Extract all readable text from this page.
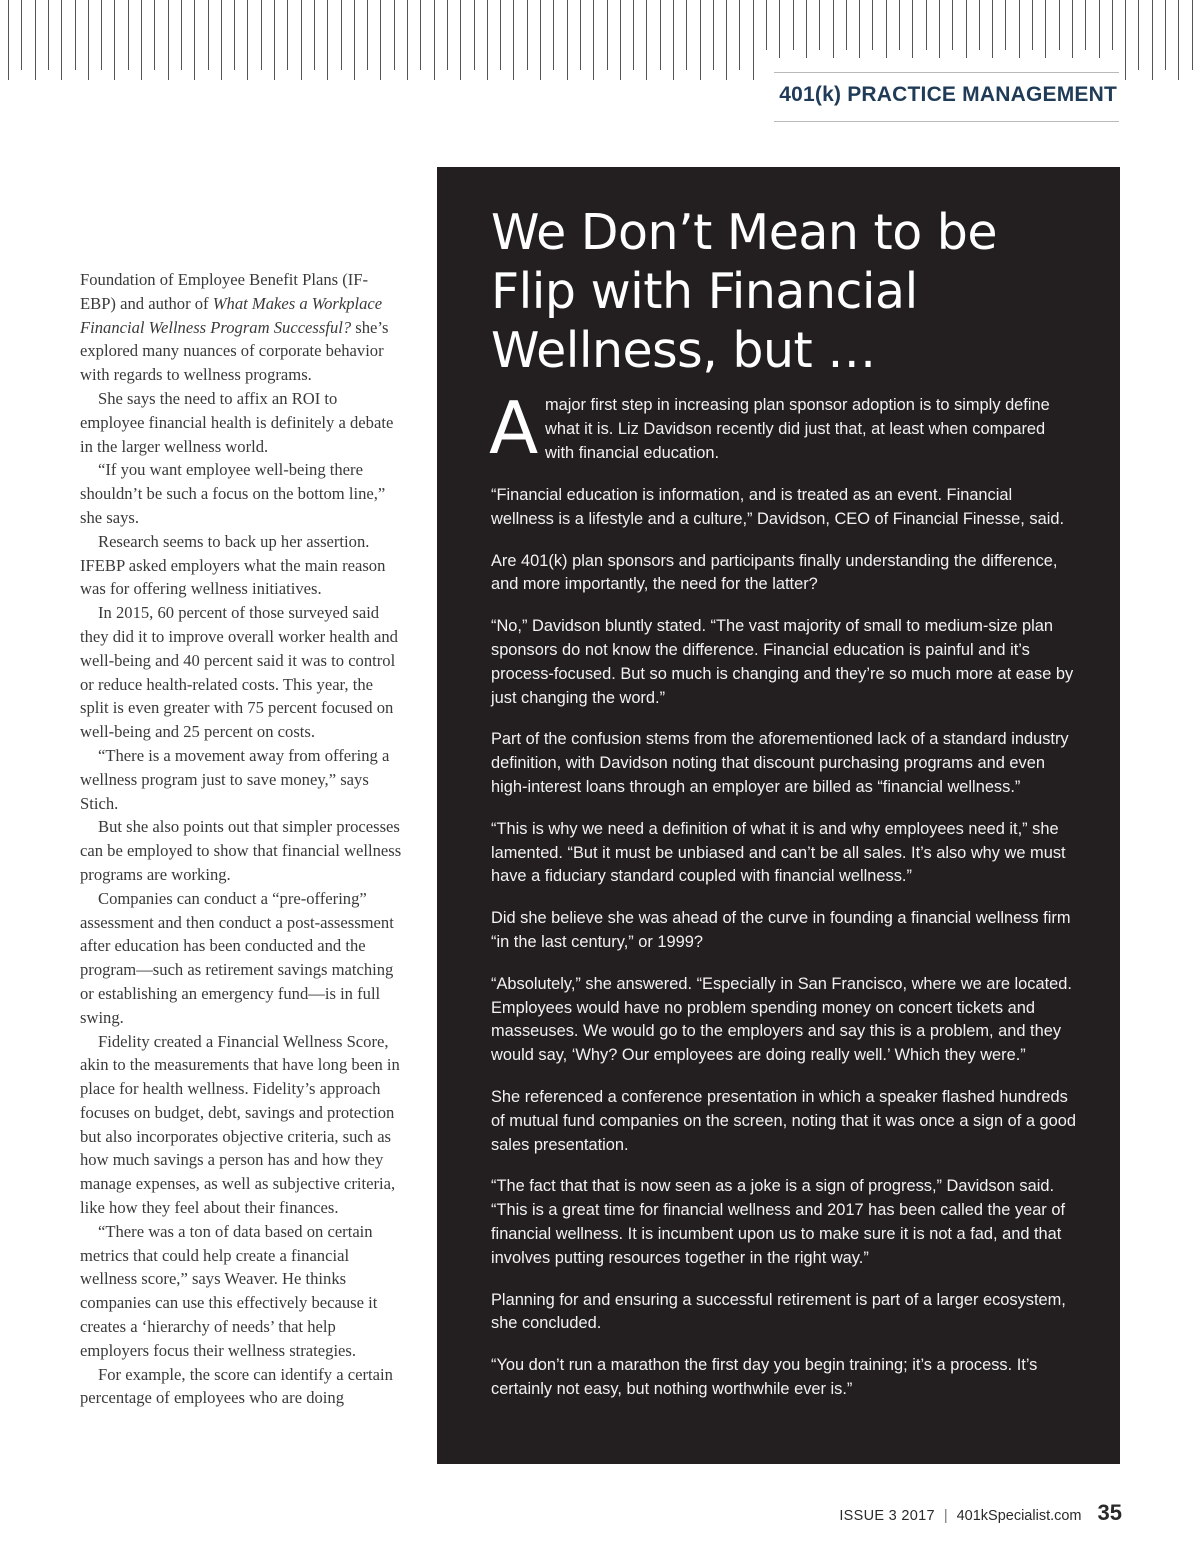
401(k) PRACTICE MANAGEMENT

Foundation of Employee Benefit Plans (IF-EBP) and author of What Makes a Workplace Financial Wellness Program Successful? she’s explored many nuances of corporate behavior with regards to wellness programs.

She says the need to affix an ROI to employee financial health is definitely a debate in the larger wellness world.

“If you want employee well-being there shouldn’t be such a focus on the bottom line,” she says.

Research seems to back up her assertion. IFEBP asked employers what the main reason was for offering wellness initiatives.

In 2015, 60 percent of those surveyed said they did it to improve overall worker health and well-being and 40 percent said it was to control or reduce health-related costs. This year, the split is even greater with 75 percent focused on well-being and 25 percent on costs.

“There is a movement away from offering a wellness program just to save money,” says Stich.

But she also points out that simpler processes can be employed to show that financial wellness programs are working.

Companies can conduct a “pre-offering” assessment and then conduct a post-assessment after education has been conducted and the program—such as retirement savings matching or establishing an emergency fund—is in full swing.

Fidelity created a Financial Wellness Score, akin to the measurements that have long been in place for health wellness. Fidelity’s approach focuses on budget, debt, savings and protection but also incorporates objective criteria, such as how much savings a person has and how they manage expenses, as well as subjective criteria, like how they feel about their finances.

“There was a ton of data based on certain metrics that could help create a financial wellness score,” says Weaver. He thinks companies can use this effectively because it creates a ‘hierarchy of needs’ that help employers focus their wellness strategies.

For example, the score can identify a certain percentage of employees who are doing

We Don’t Mean to be Flip with Financial Wellness, but …

A major first step in increasing plan sponsor adoption is to simply define what it is. Liz Davidson recently did just that, at least when compared with financial education.

“Financial education is information, and is treated as an event. Financial wellness is a lifestyle and a culture,” Davidson, CEO of Financial Finesse, said.

Are 401(k) plan sponsors and participants finally understanding the difference, and more importantly, the need for the latter?

“No,” Davidson bluntly stated. “The vast majority of small to medium-size plan sponsors do not know the difference. Financial education is painful and it’s process-focused. But so much is changing and they’re so much more at ease by just changing the word.”

Part of the confusion stems from the aforementioned lack of a standard industry definition, with Davidson noting that discount purchasing programs and even high-interest loans through an employer are billed as “financial wellness.”

“This is why we need a definition of what it is and why employees need it,” she lamented. “But it must be unbiased and can’t be all sales. It’s also why we must have a fiduciary standard coupled with financial wellness.”

Did she believe she was ahead of the curve in founding a financial wellness firm “in the last century,” or 1999?

“Absolutely,” she answered. “Especially in San Francisco, where we are located. Employees would have no problem spending money on concert tickets and masseuses. We would go to the employers and say this is a problem, and they would say, ‘Why? Our employees are doing really well.’ Which they were.”

She referenced a conference presentation in which a speaker flashed hundreds of mutual fund companies on the screen, noting that it was once a sign of a good sales presentation.

“The fact that that is now seen as a joke is a sign of progress,” Davidson said. “This is a great time for financial wellness and 2017 has been called the year of financial wellness. It is incumbent upon us to make sure it is not a fad, and that involves putting resources together in the right way.”

Planning for and ensuring a successful retirement is part of a larger ecosystem, she concluded.

“You don’t run a marathon the first day you begin training; it’s a process. It’s certainly not easy, but nothing worthwhile ever is.”

ISSUE 3 2017 | 401kSpecialist.com 35
